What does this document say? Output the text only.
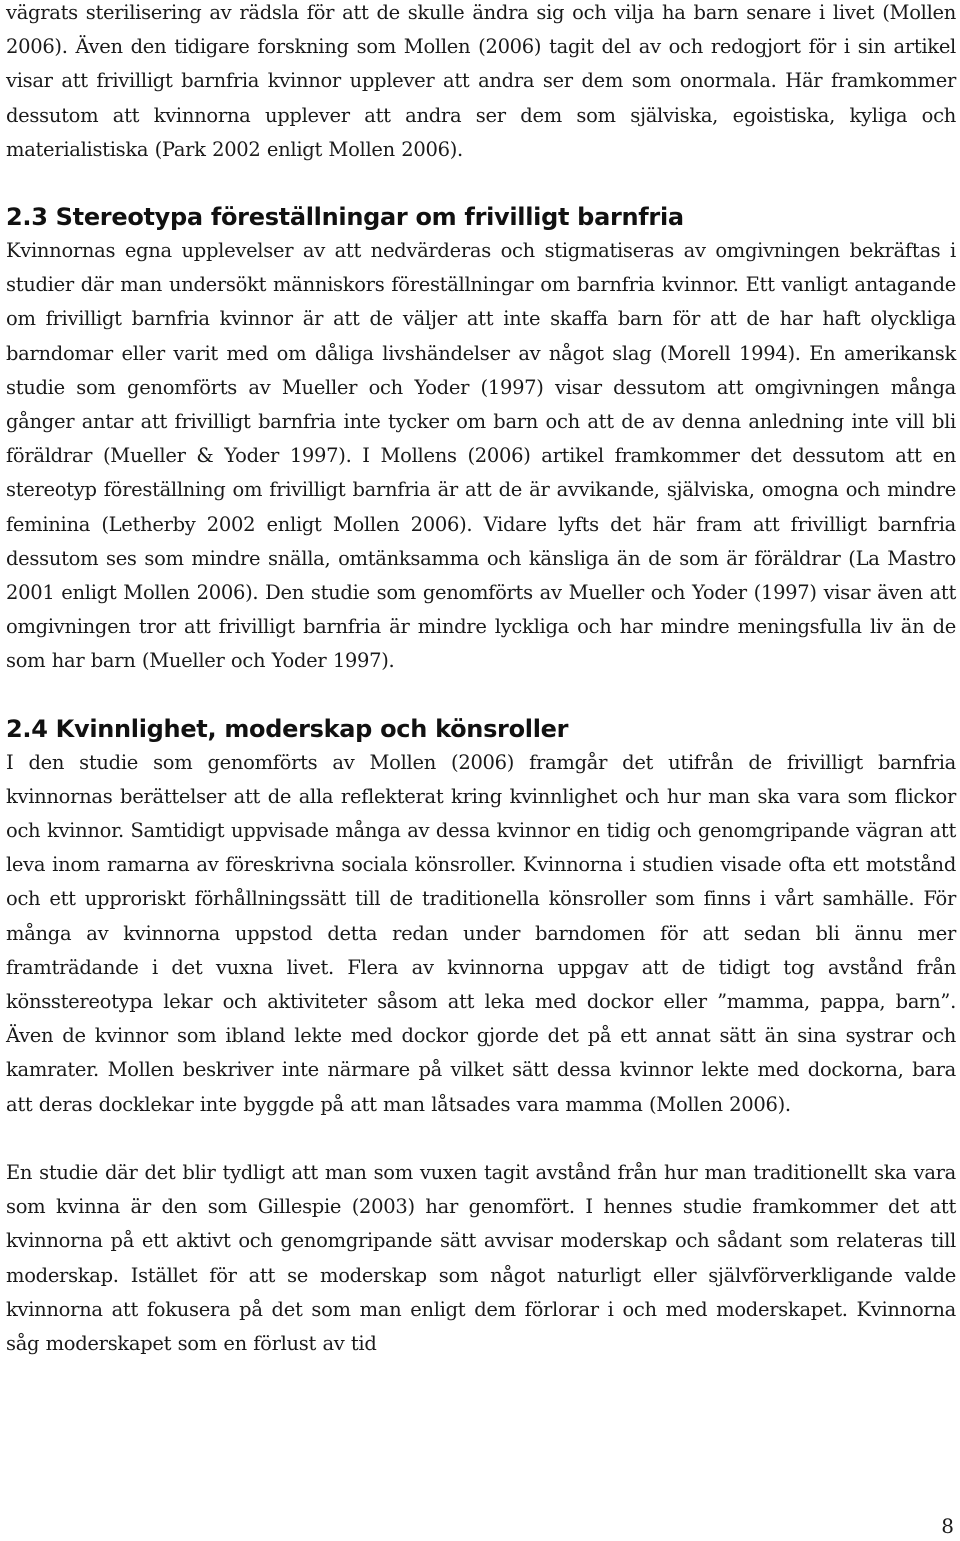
vägrats sterilisering av rädsla för att de skulle ändra sig och vilja ha barn senare i livet (Mollen 2006). Även den tidigare forskning som Mollen (2006) tagit del av och redogjort för i sin artikel visar att frivilligt barnfria kvinnor upplever att andra ser dem som onormala. Här framkommer dessutom att kvinnorna upplever att andra ser dem som själviska, egoistiska, kyliga och materialistiska (Park 2002 enligt Mollen 2006).

2.3 Stereotypa föreställningar om frivilligt barnfria

Kvinnornas egna upplevelser av att nedvärderas och stigmatiseras av omgivningen bekräftas i studier där man undersökt människors föreställningar om barnfria kvinnor. Ett vanligt antagande om frivilligt barnfria kvinnor är att de väljer att inte skaffa barn för att de har haft olyckliga barndomar eller varit med om dåliga livshändelser av något slag (Morell 1994). En amerikansk studie som genomförts av Mueller och Yoder (1997) visar dessutom att omgivningen många gånger antar att frivilligt barnfria inte tycker om barn och att de av denna anledning inte vill bli föräldrar (Mueller & Yoder 1997). I Mollens (2006) artikel framkommer det dessutom att en stereotyp föreställning om frivilligt barnfria är att de är avvikande, själviska, omogna och mindre feminina (Letherby 2002 enligt Mollen 2006). Vidare lyfts det här fram att frivilligt barnfria dessutom ses som mindre snälla, omtänksamma och känsliga än de som är föräldrar (La Mastro 2001 enligt Mollen 2006). Den studie som genomförts av Mueller och Yoder (1997) visar även att omgivningen tror att frivilligt barnfria är mindre lyckliga och har mindre meningsfulla liv än de som har barn (Mueller och Yoder 1997).

2.4 Kvinnlighet, moderskap och könsroller

I den studie som genomförts av Mollen (2006) framgår det utifrån de frivilligt barnfria kvinnornas berättelser att de alla reflekterat kring kvinnlighet och hur man ska vara som flickor och kvinnor. Samtidigt uppvisade många av dessa kvinnor en tidig och genomgripande vägran att leva inom ramarna av föreskrivna sociala könsroller. Kvinnorna i studien visade ofta ett motstånd och ett upproriskt förhållningssätt till de traditionella könsroller som finns i vårt samhälle. För många av kvinnorna uppstod detta redan under barndomen för att sedan bli ännu mer framträdande i det vuxna livet. Flera av kvinnorna uppgav att de tidigt tog avstånd från könsstereotypa lekar och aktiviteter såsom att leka med dockor eller ”mamma, pappa, barn”. Även de kvinnor som ibland lekte med dockor gjorde det på ett annat sätt än sina systrar och kamrater. Mollen beskriver inte närmare på vilket sätt dessa kvinnor lekte med dockorna, bara att deras docklekar inte byggde på att man låtsades vara mamma (Mollen 2006).

En studie där det blir tydligt att man som vuxen tagit avstånd från hur man traditionellt ska vara som kvinna är den som Gillespie (2003) har genomfört. I hennes studie framkommer det att kvinnorna på ett aktivt och genomgripande sätt avvisar moderskap och sådant som relateras till moderskap. Istället för att se moderskap som något naturligt eller självförverkligande valde kvinnorna att fokusera på det som man enligt dem förlorar i och med moderskapet. Kvinnorna såg moderskapet som en förlust av tid

8
